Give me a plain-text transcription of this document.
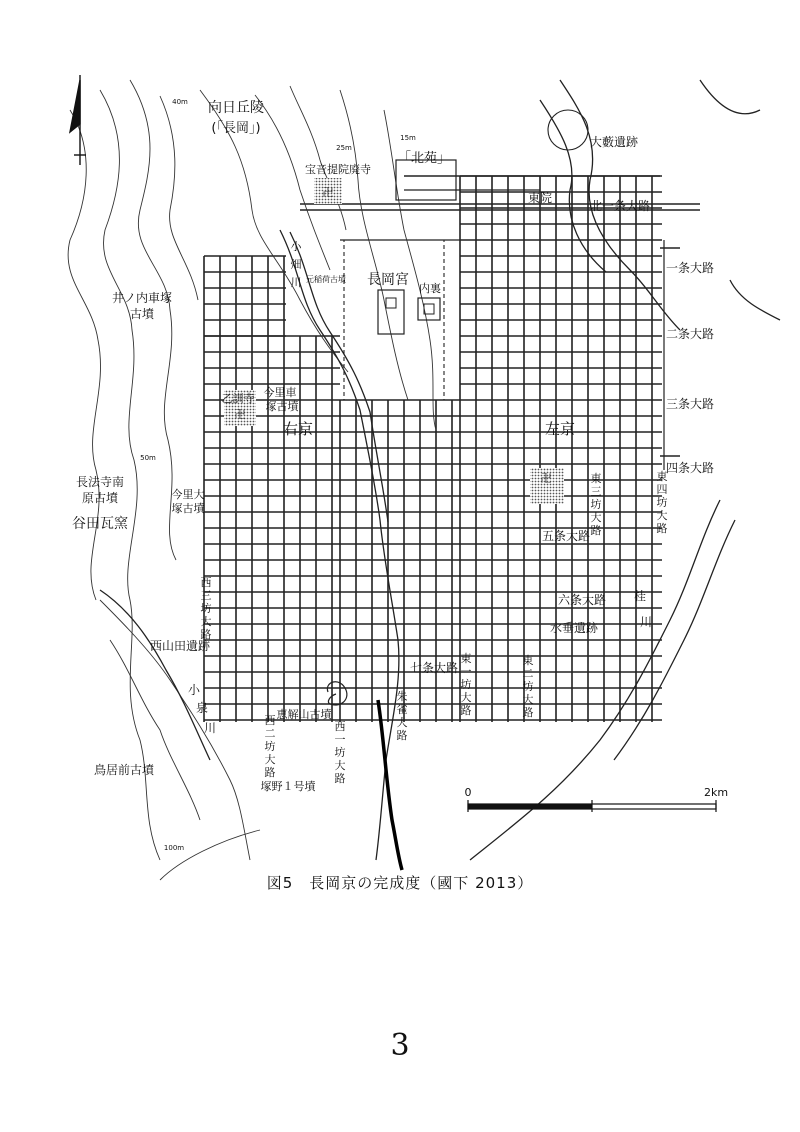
0	2km
向日丘陵
(「長岡」)
「北苑」
宝音提院廃寺
卍
小
畑
川 元稲荷古墳 長岡宮
内裏
大藪遺跡
東院
北一条大路
一条大路
二条大路
三条大路
四条大路
五条大路
六条大路
七条大路
井ノ内車塚
古墳
乙訓寺
卍
今里車
塚古墳
右京	左京
卍
長法寺南
原古墳
谷田瓦窯
今里大
塚古墳
西山田遺跡
小
泉
川
鳥居前古墳
恵解山古墳
塚野１号墳
水垂遺跡
桂
川
40m
25m
15m
50m
100m
西三坊大路
西二坊大路
西一坊大路
朱雀大路
東一坊大路
東二坊大路
東三坊大路
東四坊大路
図5　長岡京の完成度（國下 2013）
3
